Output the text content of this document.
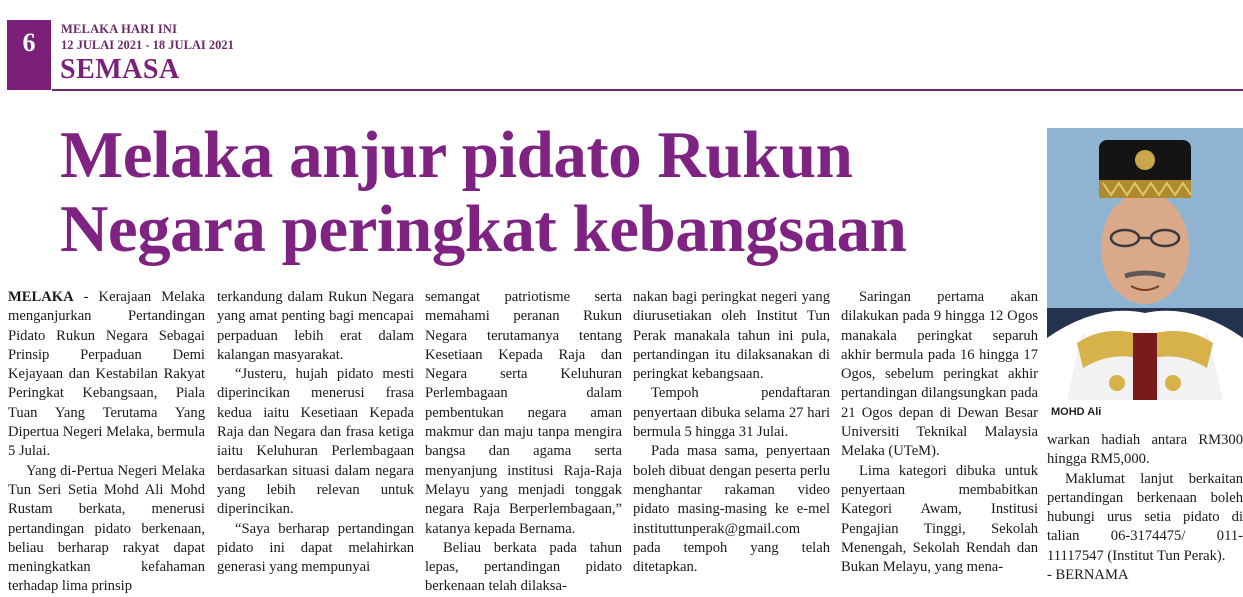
6	MELAKA HARI INI
12 JULAI 2021 - 18 JULAI 2021
SEMASA
Melaka anjur pidato Rukun
Negara peringkat kebangsaan
MOHD Ali

MELAKA - Kerajaan Melaka menganjurkan Pertandingan Pidato Rukun Negara Sebagai Prinsip Perpaduan Demi Kejayaan dan Kestabilan Rakyat Peringkat Kebangsaan, Piala Tuan Yang Terutama Yang Dipertua Negeri Melaka, bermula 5 Julai.

Yang di-Pertua Negeri Melaka Tun Seri Setia Mohd Ali Mohd Rustam berkata, menerusi pertandingan pidato berkenaan, beliau berharap rakyat dapat meningkatkan kefahaman terhadap lima prinsip

terkandung dalam Rukun Negara yang amat penting bagi mencapai perpaduan lebih erat dalam kalangan masyarakat.

“Justeru, hujah pidato mesti diperincikan menerusi frasa kedua iaitu Kesetiaan Kepada Raja dan Negara dan frasa ketiga iaitu Keluhuran Perlembagaan berdasarkan situasi dalam negara yang lebih relevan untuk diperincikan.

“Saya berharap pertandingan pidato ini dapat melahirkan generasi yang mempunyai

semangat patriotisme serta memahami peranan Rukun Negara terutamanya tentang Kesetiaan Kepada Raja dan Negara serta Keluhuran Perlembagaan dalam pembentukan negara aman makmur dan maju tanpa mengira bangsa dan agama serta menyanjung institusi Raja-Raja Melayu yang menjadi tonggak negara Raja Berperlembagaan,” katanya kepada Bernama.

Beliau berkata pada tahun lepas, pertandingan pidato berkenaan telah dilaksa-

nakan bagi peringkat negeri yang diurusetiakan oleh Institut Tun Perak manakala tahun ini pula, pertandingan itu dilaksanakan di peringkat kebangsaan.

Tempoh pendaftaran penyertaan dibuka selama 27 hari bermula 5 hingga 31 Julai.

Pada masa sama, penyertaan boleh dibuat dengan peserta perlu menghantar rakaman video pidato masing-masing ke e-mel instituttunperak@gmail.com pada tempoh yang telah ditetapkan.

Saringan pertama akan dilakukan pada 9 hingga 12 Ogos manakala peringkat separuh akhir bermula pada 16 hingga 17 Ogos, sebelum peringkat akhir pertandingan dilangsungkan pada 21 Ogos depan di Dewan Besar Universiti Teknikal Malaysia Melaka (UTeM).

Lima kategori dibuka untuk penyertaan membabitkan Kategori Awam, Institusi Pengajian Tinggi, Sekolah Menengah, Sekolah Rendah dan Bukan Melayu, yang mena-

warkan hadiah antara RM300 hingga RM5,000.

Maklumat lanjut berkaitan pertandingan berkenaan boleh hubungi urus setia pidato di talian 06-3174475/ 011-11117547 (Institut Tun Perak).

- BERNAMA
